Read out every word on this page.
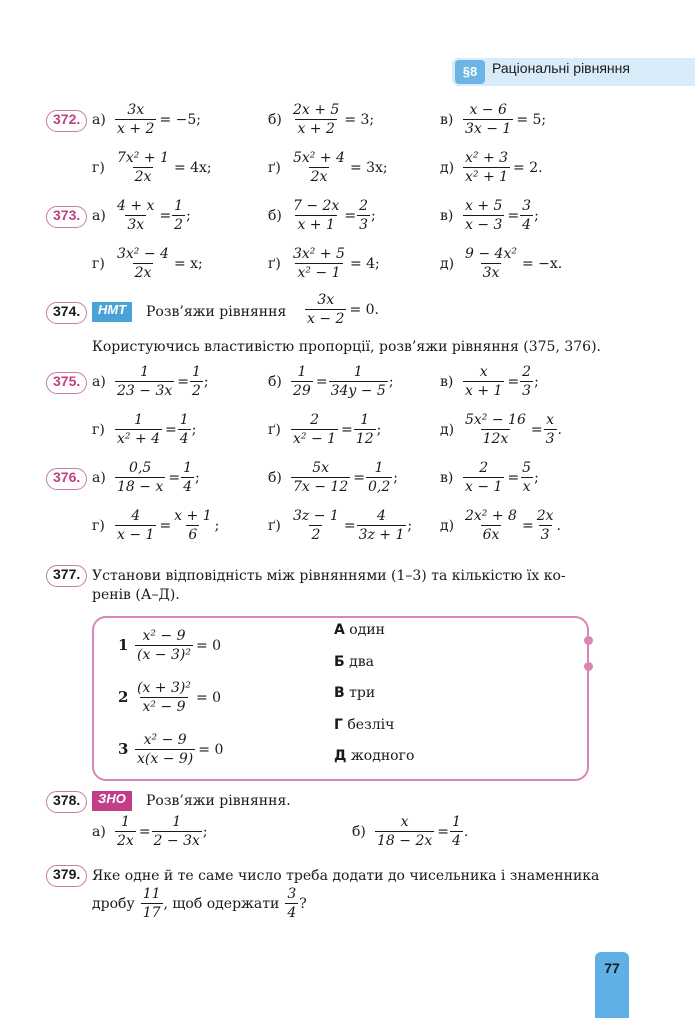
§8	Раціональні рівняння
372. $а) \frac{3x}{x + 2} = -5$;	$б) \frac{2x + 5}{x + 2} = 3$;	$в) \frac{x - 6}{3x - 1} = 5$;
$г) \frac{\text{7x² + 1}}{2x} = 4x$;	$ґ) \frac{\text{5x² + 4}}{2x} = 3x$;	$д) \frac{\text{x² + 3}}{\text{x² + 1}} = 2$.
373. $а) \frac{4 + x}{3x} = \frac{1}{2}$ ;	$б) \frac{7 - 2x}{x + 1} = \frac{2}{3}$ ;	$в) \frac{x + 5}{x - 3} = \frac{3}{4}$ ;
$г) \frac{\text{3x² − 4}}{2x} = x$;	$ґ) \frac{\text{3x² + 5}}{\text{x² − 1}} = 4$;	$д) \frac{\text{9 − 4x²}}{3x} = -x$.
374.	НМТ	Розв’яжи рівняння $\frac{3x}{x - 2} = 0$.
Користуючись властивістю пропорції, розв’яжи рівняння (375, 376).
375. $а) \frac{1}{23 - 3x} = \frac{1}{2}$ ;	$б) \frac{1}{29} = \frac{1}{34y - 5}$ ;	$в) \frac{x}{x + 1} = \frac{2}{3}$ ;
$г) \frac{1}{\text{x² + 4}} = \frac{1}{4}$ ;	$ґ) \frac{2}{\text{x² − 1}} = \frac{1}{12}$ ;	$д) \frac{\text{5x² − 16}}{12x} = \frac{x}{3}$ .
376. $а) \frac{0,5}{18 - x} = \frac{1}{4}$ ;	$б) \frac{5x}{7x - 12} = \frac{1}{0,2}$ ;	$в) \frac{2}{x - 1} = \frac{5}{x}$ ;
$г) \frac{4}{x - 1} = \frac{x + 1}{6}$ ;	$ґ) \frac{3z - 1}{2} = \frac{4}{3z + 1}$ ; $д) \frac{\text{2x² + 8}}{6x} = \frac{2x}{3}$ .
377. Установи відповідність між рівняннями (1–3) та кількістю їх ко-
ренів (А–Д).
$1 \frac{\text{x² − 9}}{\text{(x − 3)²}} = 0$
$2 \frac{\text{(x + 3)²}}{\text{x² − 9}} = 0$
$3 \frac{\text{x² − 9}}{x(x - 9)} = 0$
А один
Б два
В три
Г безліч
Д жодного
378.	ЗНО	Розв’яжи рівняння.
$а) \frac{1}{2x} = \frac{1}{2 - 3x}$ ;	$б) \frac{x}{18 - 2x} = \frac{1}{4}$ .
379. Яке одне й те саме число треба додати до чисельника і знаменника
дробу $\frac{11}{17}$ , щоб одержати $\frac{3}{4}$ ?
77
